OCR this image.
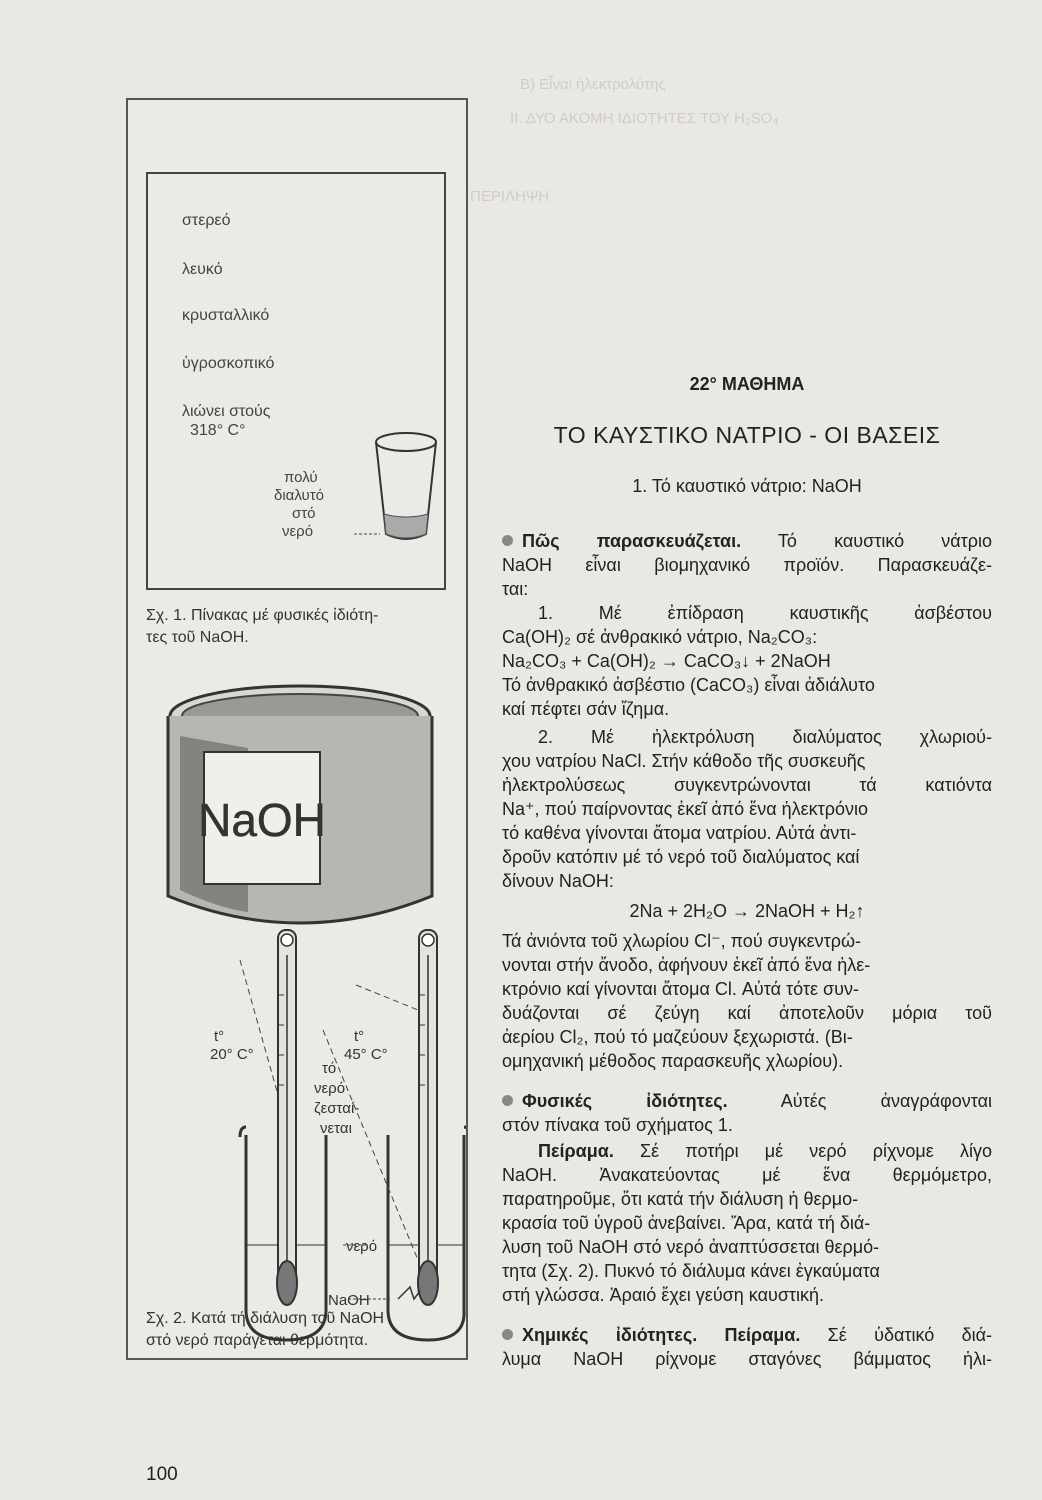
Β) Εἶναι ἠλεκτρολύτης
ΙΙ. ΔΥΟ ΑΚΟΜΗ ΙΔΙΟΤΗΤΕΣ ΤΟΥ H₂SO₄
ΠΕΡΙΛΗΨΗ
στερεό
λευκό
κρυσταλλικό
ὑγροσκοπικό
λιώνει στούς
318° C°
πολύ
διαλυτό
στό
νερό
Σχ. 1. Πίνακας μέ φυσικές ἰδιότη-
τες τοῦ NaOH.
NaOH
t°
20° C°
t°
45° C°
τό
νερό
ζεσταί-
νεται
νερό
NaOH
Σχ. 2. Κατά τή διάλυση τοῦ NaOH
στό νερό παράγεται θερμότητα.
22° ΜΑΘΗΜΑ
ΤΟ ΚΑΥΣΤΙΚΟ ΝΑΤΡΙΟ - ΟΙ ΒΑΣΕΙΣ
1. Τό καυστικό νάτριο: NaOH
Πῶς παρασκευάζεται. Τό καυστικό νάτριο
NaOH εἶναι βιομηχανικό προϊόν. Παρασκευάζε-
ται:
1. Μέ ἐπίδραση καυστικῆς ἀσβέστου
Ca(OH)₂ σέ ἀνθρακικό νάτριο, Na₂CO₃:
Na₂CO₃ + Ca(OH)₂ → CaCO₃↓ + 2NaOH
Τό ἀνθρακικό ἀσβέστιο (CaCO₃) εἶναι ἀδιάλυτο
καί πέφτει σάν ἴζημα.
2. Μέ ἠλεκτρόλυση διαλύματος χλωριού-
χου νατρίου NaCl. Στήν κάθοδο τῆς συσκευῆς
ἠλεκτρολύσεως συγκεντρώνονται τά κατιόντα
Na⁺, πού παίρνοντας ἐκεῖ ἀπό ἕνα ἠλεκτρόνιο
τό καθένα γίνονται ἄτομα νατρίου. Αὐτά ἀντι-
δροῦν κατόπιν μέ τό νερό τοῦ διαλύματος καί
δίνουν NaOH:
2Na + 2H₂O → 2NaOH + H₂↑
Τά ἀνιόντα τοῦ χλωρίου Cl⁻, πού συγκεντρώ-
νονται στήν ἄνοδο, ἀφήνουν ἐκεῖ ἀπό ἕνα ἠλε-
κτρόνιο καί γίνονται ἄτομα Cl. Αὐτά τότε συν-
δυάζονται σέ ζεύγη καί ἀποτελοῦν μόρια τοῦ
ἀερίου Cl₂, πού τό μαζεύουν ξεχωριστά. (Βι-
ομηχανική μέθοδος παρασκευῆς χλωρίου).
Φυσικές ἰδιότητες. Αὐτές ἀναγράφονται
στόν πίνακα τοῦ σχήματος 1.
Πείραμα. Σέ ποτήρι μέ νερό ρίχνομε λίγο
NaOH. Ἀνακατεύοντας μέ ἕνα θερμόμετρο,
παρατηροῦμε, ὅτι κατά τήν διάλυση ἡ θερμο-
κρασία τοῦ ὑγροῦ ἀνεβαίνει. Ἄρα, κατά τή διά-
λυση τοῦ NaOH στό νερό ἀναπτύσσεται θερμό-
τητα (Σχ. 2). Πυκνό τό διάλυμα κάνει ἐγκαύματα
στή γλώσσα. Ἀραιό ἔχει γεύση καυστική.
Χημικές ἰδιότητες. Πείραμα. Σέ ὑδατικό διά-
λυμα NaOH ρίχνομε σταγόνες βάμματος ἡλι-
100
